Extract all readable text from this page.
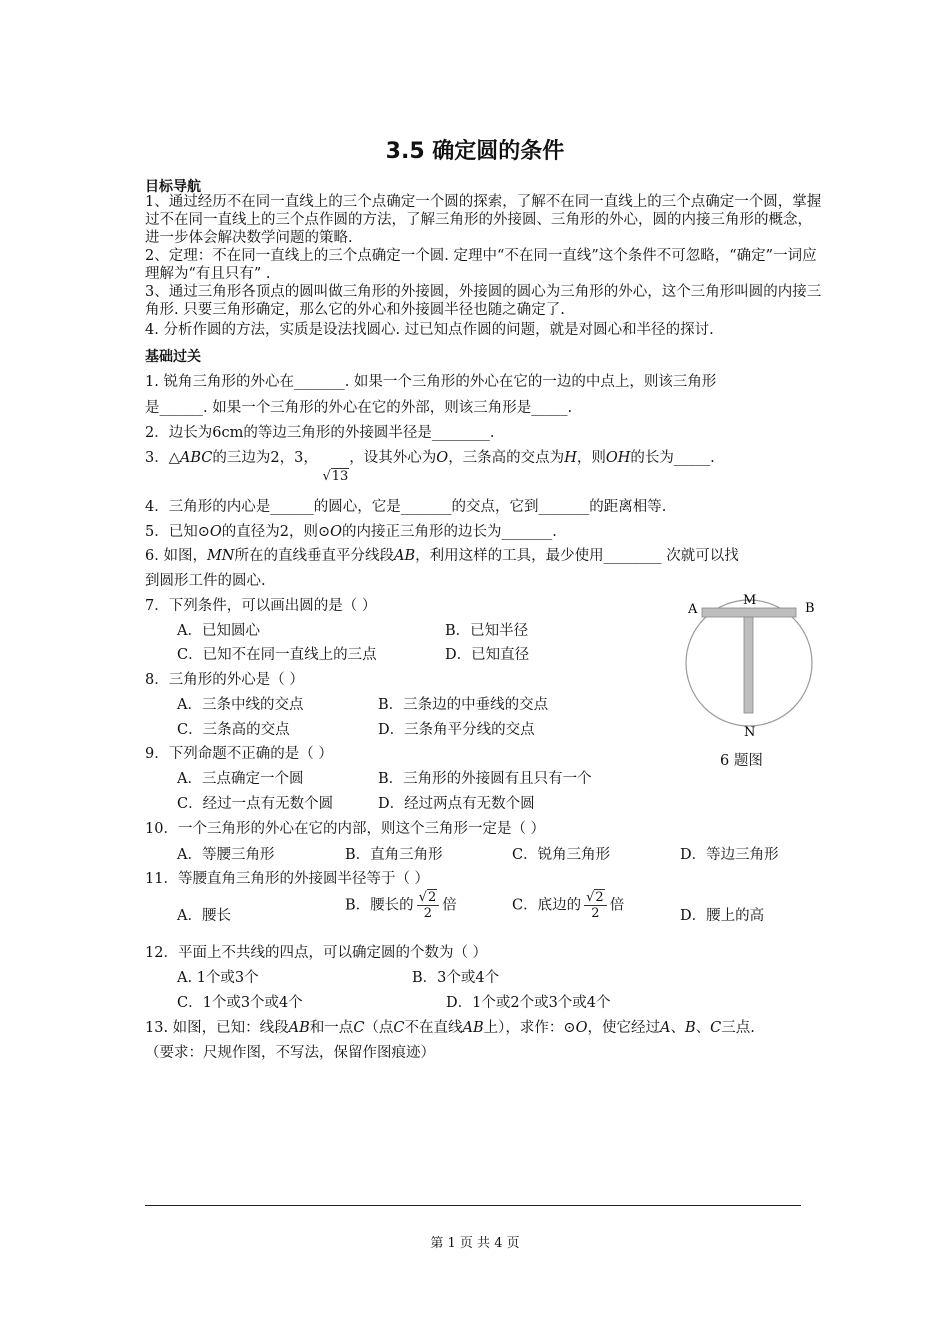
3.5 确定圆的条件
目标导航
1、通过经历不在同一直线上的三个点确定一个圆的探索，了解不在同一直线上的三个点确定一个圆，掌握过不在同一直线上的三个点作圆的方法，了解三角形的外接圆、三角形的外心，圆的内接三角形的概念，进一步体会解决数学问题的策略.
2、定理：不在同一直线上的三个点确定一个圆. 定理中“不在同一直线”这个条件不可忽略，“确定”一词应理解为“有且只有” .
3、通过三角形各顶点的圆叫做三角形的外接圆，外接圆的圆心为三角形的外心，这个三角形叫圆的内接三角形. 只要三角形确定，那么它的外心和外接圆半径也随之确定了.
4. 分析作圆的方法，实质是设法找圆心. 过已知点作圆的问题，就是对圆心和半径的探讨.
基础过关
1. 锐角三角形的外心在_______. 如果一个三角形的外心在它的一边的中点上，则该三角形
是______. 如果一个三角形的外心在它的外部，则该三角形是_____.
2．边长为6cm的等边三角形的外接圆半径是________.
3．△ABC的三边为2，3， √13，设其外心为O，三条高的交点为H，则OH的长为_____.
4．三角形的内心是______的圆心，它是_______的交点，它到_______的距离相等.
5．已知⊙O的直径为2，则⊙O的内接正三角形的边长为_______.
6. 如图，MN所在的直线垂直平分线段AB，利用这样的工具，最少使用________ 次就可以找
到圆形工件的圆心.
7．下列条件，可以画出圆的是（ ）
A．已知圆心	B．已知半径
C．已知不在同一直线上的三点	D．已知直径
8．三角形的外心是（ ）
A．三条中线的交点	B．三条边的中垂线的交点
C．三条高的交点	D．三条角平分线的交点
9．下列命题不正确的是（ ）
A．三点确定一个圆	B．三角形的外接圆有且只有一个
C．经过一点有无数个圆	D．经过两点有无数个圆
10．一个三角形的外心在它的内部，则这个三角形一定是（ ）
A．等腰三角形	B．直角三角形	C．锐角三角形	D．等边三角形
11．等腰直角三角形的外接圆半径等于（ ）
A．腰长
B．腰长的 $\frac{√2}{2}$ 倍	C．底边的 $\frac{√2}{2}$ 倍
D．腰上的高
12．平面上不共线的四点，可以确定圆的个数为（ ）
A. 1个或3个	B．3个或4个
C．1个或3个或4个	D．1个或2个或3个或4个
13. 如图，已知：线段AB和一点C（点C不在直线AB上），求作：⊙O，使它经过A、B、C三点.
（要求：尺规作图，不写法，保留作图痕迹）
A	B
M
N
6 题图
第 1 页 共 4 页
